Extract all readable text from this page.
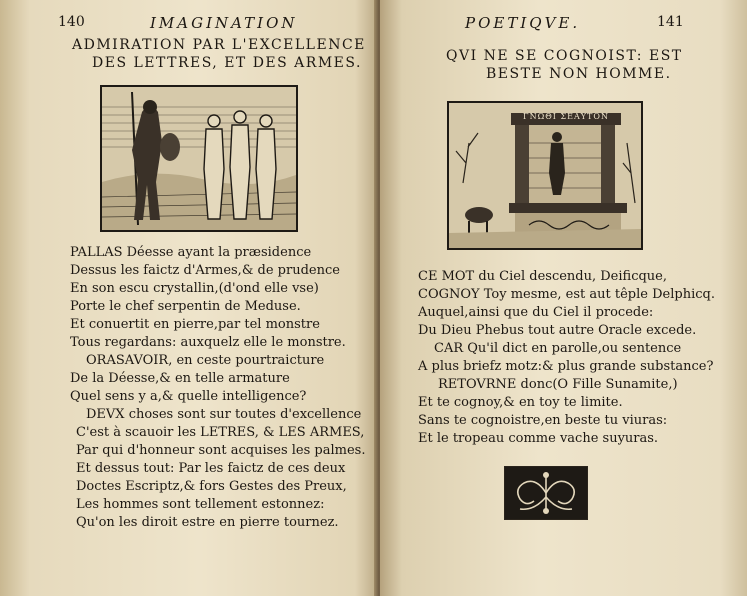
140	IMAGINATION
ADMIRATION PAR L'EXCELLENCE
DES LETTRES, ET DES ARMES.
PALLAS Déesse ayant la præsidence
Dessus les faictz d'Armes,& de prudence
En son escu crystallin,(d'ond elle vse)
Porte le chef serpentin de Meduse.
Et conuertit en pierre,par tel monstre
Tous regardans: auxquelz elle le monstre.
ORASAVOIR, en ceste pourtraicture
De la Déesse,& en telle armature
Quel sens y a,& quelle intelligence?
DEVX choses sont sur toutes d'excellence
C'est à scauoir les LETRES, & LES ARMES,
Par qui d'honneur sont acquises les palmes.
Et dessus tout: Par les faictz de ces deux
Doctes Escriptz,& fors Gestes des Preux,
Les hommes sont tellement estonnez:
Qu'on les diroit estre en pierre tournez.
POETIQVE.	141
QVI NE SE COGNOIST: EST
BESTE NON HOMME.
ΓΝΩΘΙ ΣΕΑΥΤΟΝ
CE MOT du Ciel descendu, Deificque,
COGNOY Toy mesme, est aut têple Delphicq.
Auquel,ainsi que du Ciel il procede:
Du Dieu Phebus tout autre Oracle excede.
CAR Qu'il dict en parolle,ou sentence
A plus briefz motz:& plus grande substance?
RETOVRNE donc(O Fille Sunamite,)
Et te cognoy,& en toy te limite.
Sans te cognoistre,en beste tu viuras:
Et le tropeau comme vache suyuras.
